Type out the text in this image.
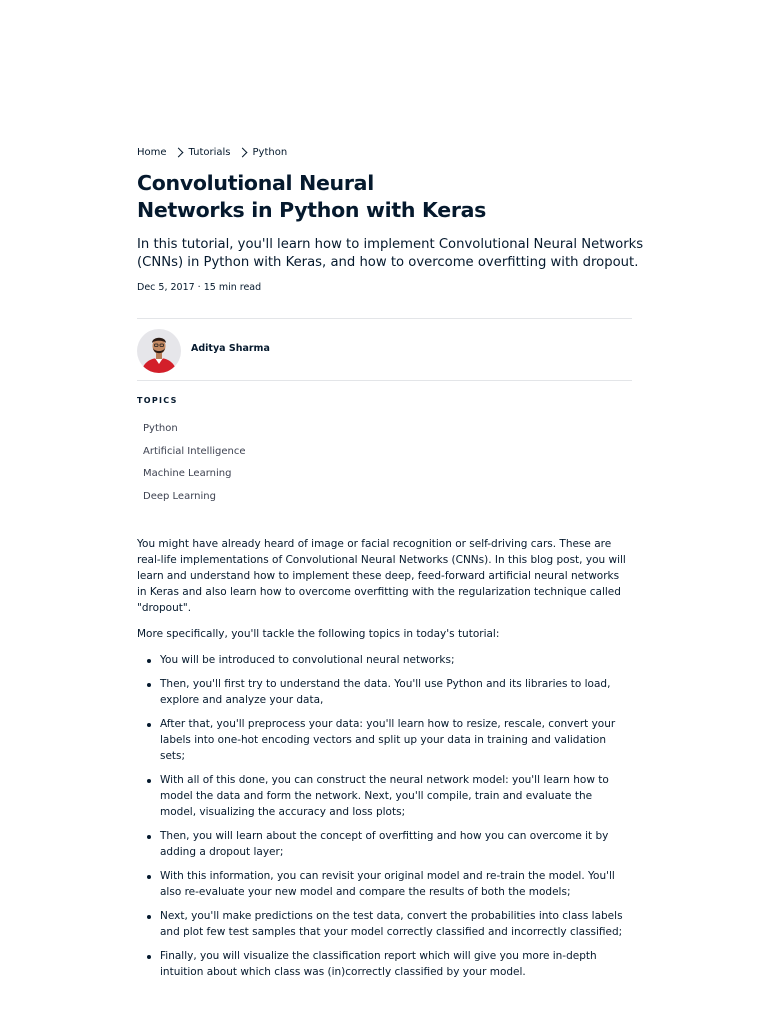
Home Tutorials Python
Convolutional Neural
Networks in Python with Keras

In this tutorial, you'll learn how to implement Convolutional Neural Networks
(CNNs) in Python with Keras, and how to overcome overfitting with dropout.

Dec 5, 2017 · 15 min read
Aditya Sharma
TOPICS
Python
Artificial Intelligence
Machine Learning
Deep Learning

You might have already heard of image or facial recognition or self-driving cars. These are
real-life implementations of Convolutional Neural Networks (CNNs). In this blog post, you will
learn and understand how to implement these deep, feed-forward artificial neural networks
in Keras and also learn how to overcome overfitting with the regularization technique called
"dropout".

More specifically, you'll tackle the following topics in today's tutorial:

You will be introduced to convolutional neural networks;
Then, you'll first try to understand the data. You'll use Python and its libraries to load,
explore and analyze your data,
After that, you'll preprocess your data: you'll learn how to resize, rescale, convert your
labels into one-hot encoding vectors and split up your data in training and validation
sets;
With all of this done, you can construct the neural network model: you'll learn how to
model the data and form the network. Next, you'll compile, train and evaluate the
model, visualizing the accuracy and loss plots;
Then, you will learn about the concept of overfitting and how you can overcome it by
adding a dropout layer;
With this information, you can revisit your original model and re-train the model. You'll
also re-evaluate your new model and compare the results of both the models;
Next, you'll make predictions on the test data, convert the probabilities into class labels
and plot few test samples that your model correctly classified and incorrectly classified;
Finally, you will visualize the classification report which will give you more in-depth
intuition about which class was (in)correctly classified by your model.
